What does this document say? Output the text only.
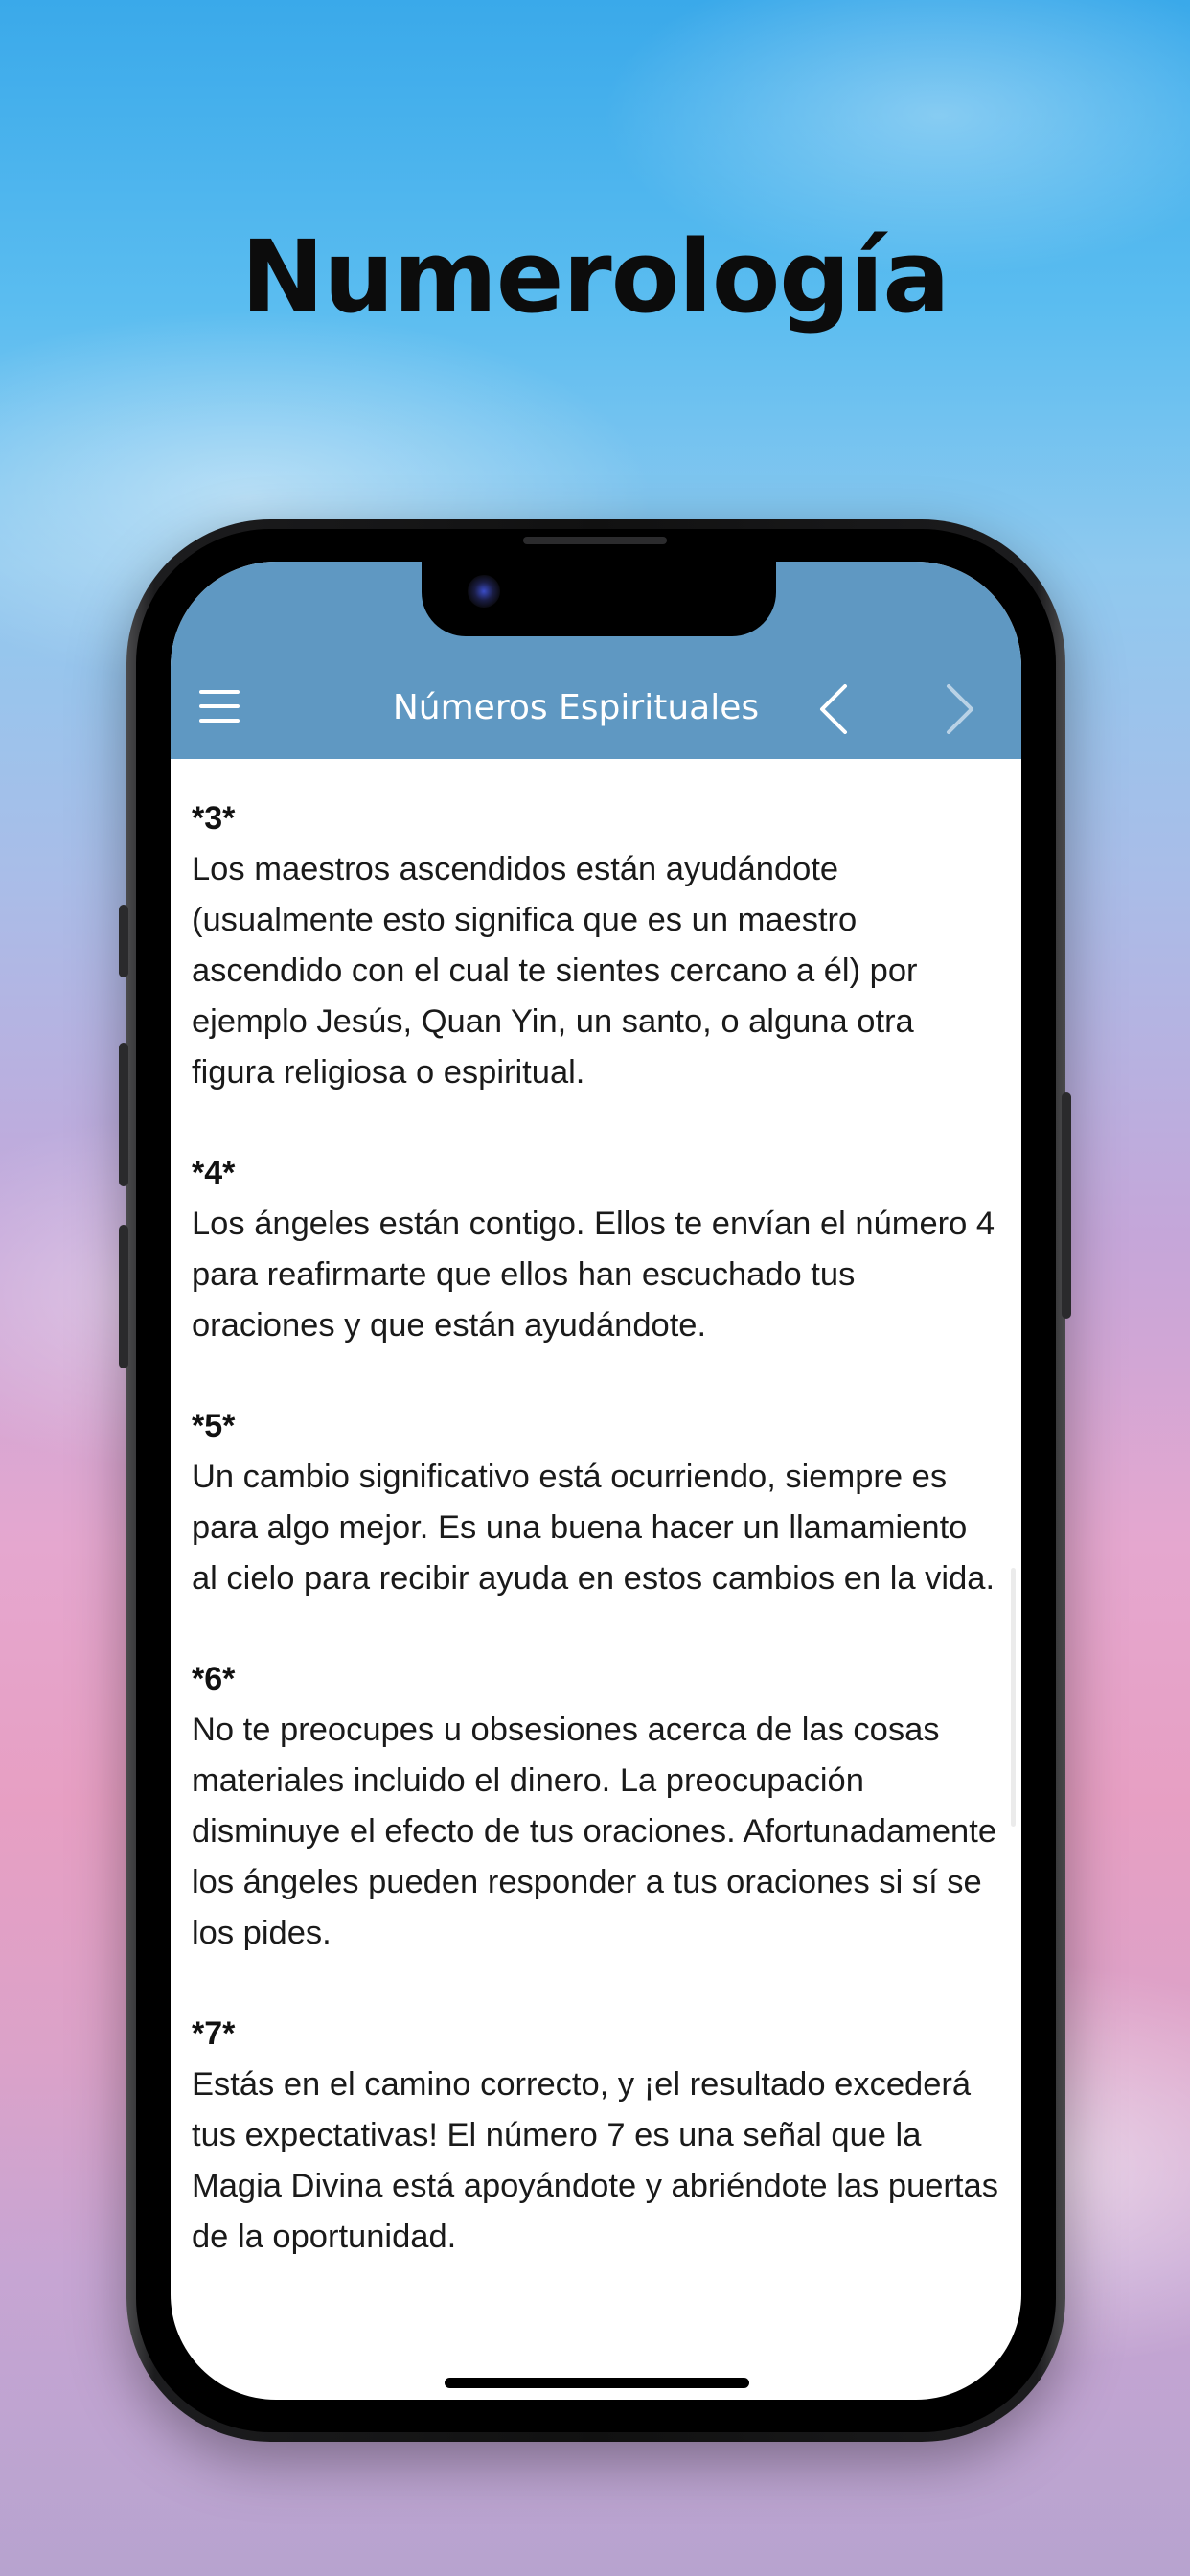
Numerología
Números Espirituales
*3*
Los maestros ascendidos están ayudándote (usualmente esto significa que es un maestro ascendido con el cual te sientes cercano a él) por ejemplo Jesús, Quan Yin, un santo, o alguna otra figura religiosa o espiritual.
*4*
Los ángeles están contigo. Ellos te envían el número 4 para reafirmarte que ellos han escuchado tus oraciones y que están ayudándote.
*5*
Un cambio significativo está ocurriendo, siempre es para algo mejor. Es una buena hacer un llamamiento al cielo para recibir ayuda en estos cambios en la vida.
*6*
No te preocupes u obsesiones acerca de las cosas materiales incluido el dinero. La preocupación disminuye el efecto de tus oraciones. Afortunadamente los ángeles pueden responder a tus oraciones si sí se los pides.
*7*
Estás en el camino correcto, y ¡el resultado excederá tus expectativas! El número 7 es una señal que la Magia Divina está apoyándote y abriéndote las puertas de la oportunidad.
